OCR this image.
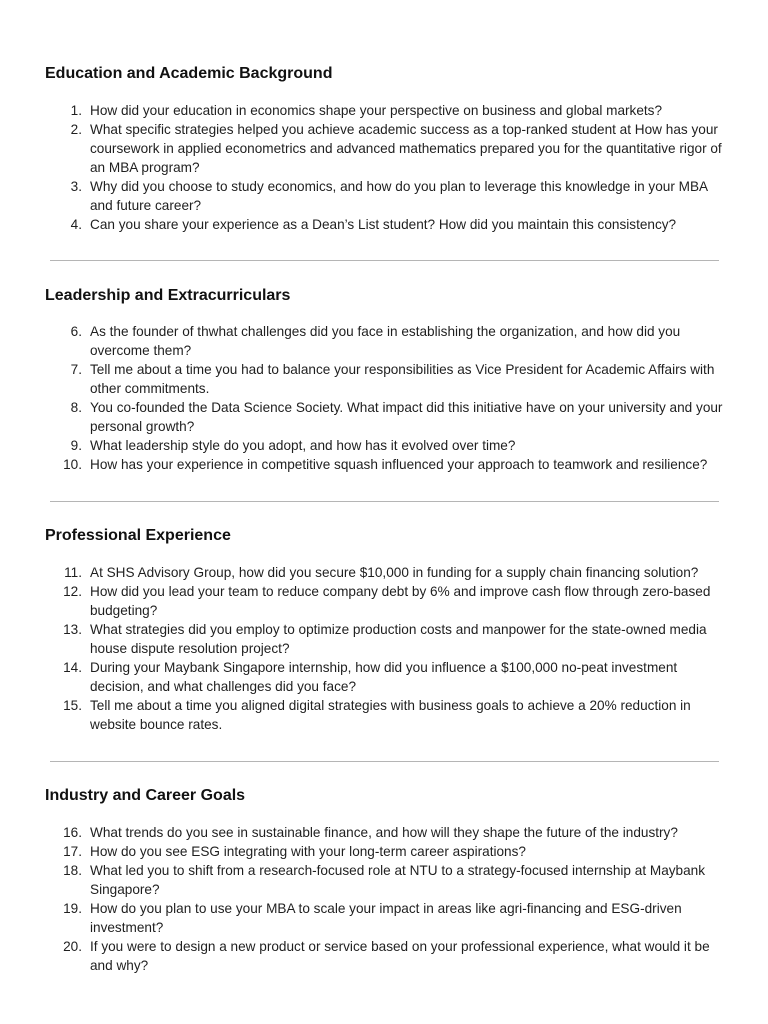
Education and Academic Background
1. How did your education in economics shape your perspective on business and global markets?
2. What specific strategies helped you achieve academic success as a top-ranked student at How has your coursework in applied econometrics and advanced mathematics prepared you for the quantitative rigor of an MBA program?
3. Why did you choose to study economics, and how do you plan to leverage this knowledge in your MBA and future career?
4. Can you share your experience as a Dean’s List student? How did you maintain this consistency?
Leadership and Extracurriculars
6. As the founder of thwhat challenges did you face in establishing the organization, and how did you overcome them?
7. Tell me about a time you had to balance your responsibilities as Vice President for Academic Affairs with other commitments.
8. You co-founded the Data Science Society. What impact did this initiative have on your university and your personal growth?
9. What leadership style do you adopt, and how has it evolved over time?
10. How has your experience in competitive squash influenced your approach to teamwork and resilience?
Professional Experience
11. At SHS Advisory Group, how did you secure $10,000 in funding for a supply chain financing solution?
12. How did you lead your team to reduce company debt by 6% and improve cash flow through zero-based budgeting?
13. What strategies did you employ to optimize production costs and manpower for the state-owned media house dispute resolution project?
14. During your Maybank Singapore internship, how did you influence a $100,000 no-peat investment decision, and what challenges did you face?
15. Tell me about a time you aligned digital strategies with business goals to achieve a 20% reduction in website bounce rates.
Industry and Career Goals
16. What trends do you see in sustainable finance, and how will they shape the future of the industry?
17. How do you see ESG integrating with your long-term career aspirations?
18. What led you to shift from a research-focused role at NTU to a strategy-focused internship at Maybank Singapore?
19. How do you plan to use your MBA to scale your impact in areas like agri-financing and ESG-driven investment?
20. If you were to design a new product or service based on your professional experience, what would it be and why?
